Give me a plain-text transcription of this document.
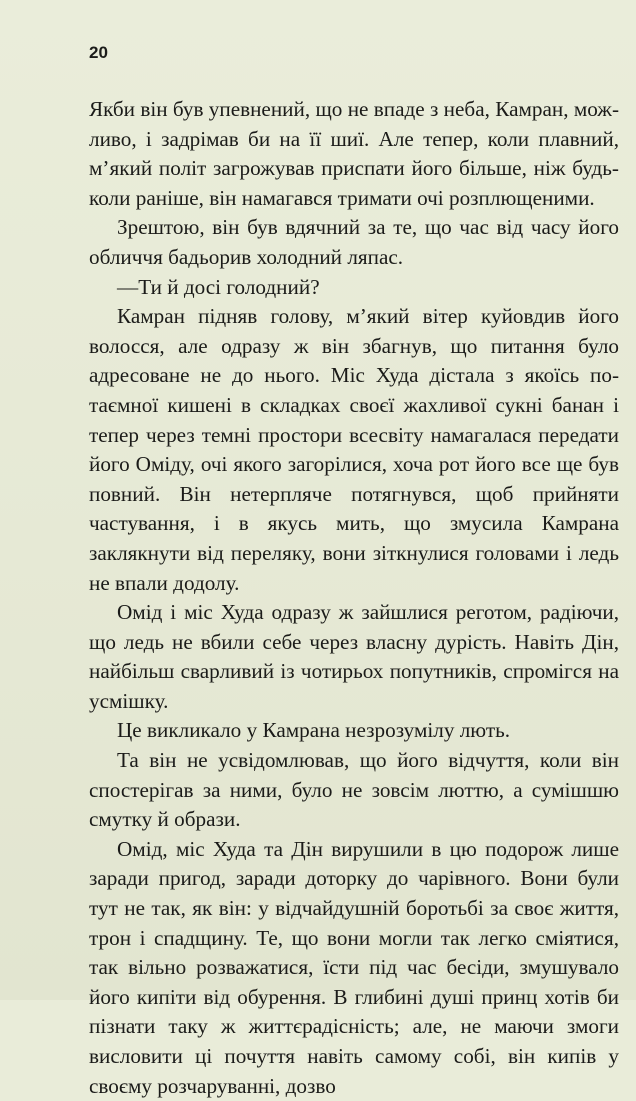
20

Якби він був упевнений, що не впаде з неба, Камран, можливо, і задрімав би на її шиї. Але тепер, коли плавний, м’який політ загрожував приспати його більше, ніж будь-коли раніше, він намагався тримати очі розплющеними.

Зрештою, він був вдячний за те, що час від часу його обличчя бадьорив холодний ляпас.

—Ти й досі голодний?

Камран підняв голову, м’який вітер куйовдив його волосся, але одразу ж він збагнув, що питання було адресоване не до нього. Міс Худа дістала з якоїсь потаємної кишені в складках своєї жахливої сукні банан і тепер через темні простори всесвіту намагалася передати його Оміду, очі якого загорілися, хоча рот його все ще був повний. Він нетерпляче потягнувся, щоб прийняти частування, і в якусь мить, що змусила Камрана заклякнути від переляку, вони зіткнулися головами і ледь не впали додолу.

Омід і міс Худа одразу ж зайшлися реготом, радіючи, що ледь не вбили себе через власну дурість. Навіть Дін, найбільш сварливий із чотирьох попутників, спромігся на усмішку.

Це викликало у Камрана незрозумілу лють.

Та він не усвідомлював, що його відчуття, коли він спостерігав за ними, було не зовсім люттю, а сумішшю смутку й образи.

Омід, міс Худа та Дін вирушили в цю подорож лише заради пригод, заради доторку до чарівного. Вони були тут не так, як він: у відчайдушній боротьбі за своє життя, трон і спадщину. Те, що вони могли так легко сміятися, так вільно розважатися, їсти під час бесіди, змушувало його кипіти від обурення. В глибині душі принц хотів би пізнати таку ж життєрадісність; але, не маючи змоги висловити ці почуття навіть самому собі, він кипів у своєму розчаруванні, дозво
